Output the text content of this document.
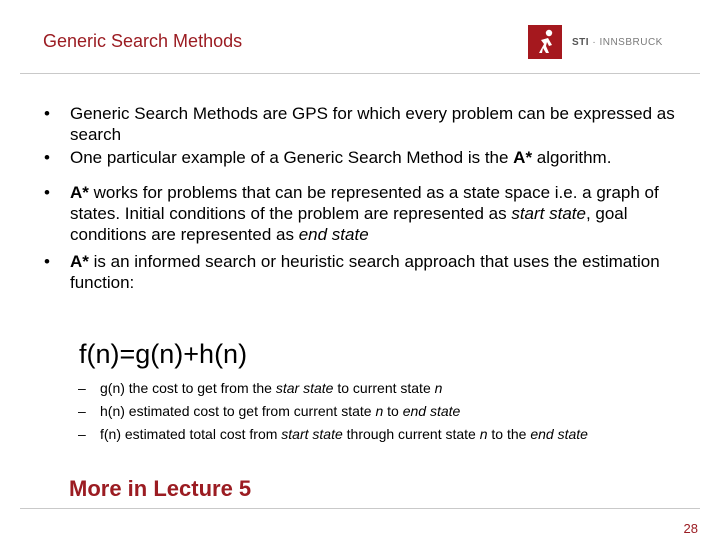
Generic Search Methods	STI · INNSBRUCK
• Generic Search Methods are GPS for which every problem can be expressed as search
• One particular example of a Generic Search Method is the A* algorithm.
• A* works for problems that can be represented as a state space i.e. a graph of states. Initial conditions of the problem are represented as start state, goal conditions are represented as end state
• A* is an informed search or heuristic search approach that uses the estimation function:
f(n)=g(n)+h(n)
– g(n) the cost to get from the star state to current state n
– h(n) estimated cost to get from current state n to end state
– f(n) estimated total cost from start state through current state n to the end state
More in Lecture 5
28
